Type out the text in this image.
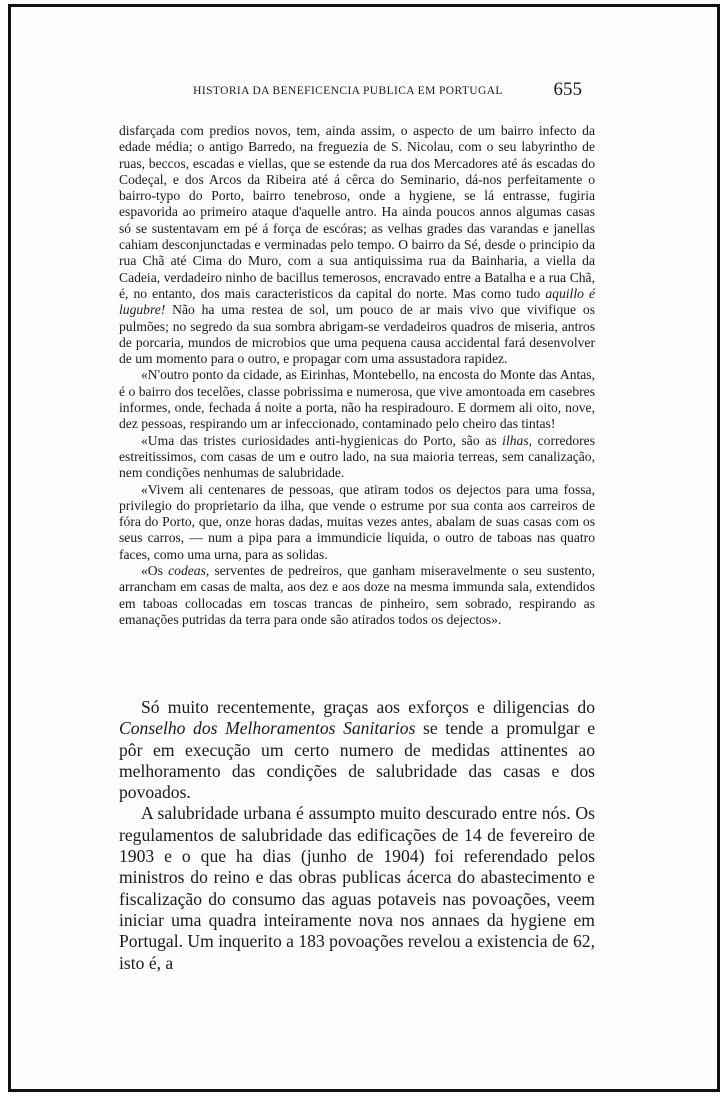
HISTORIA DA BENEFICENCIA PUBLICA EM PORTUGAL	655

disfarçada com predios novos, tem, ainda assim, o aspecto de um bairro infecto da edade média; o antigo Barredo, na freguezia de S. Nicolau, com o seu labyrintho de ruas, beccos, escadas e viellas, que se estende da rua dos Mercadores até ás escadas do Codeçal, e dos Arcos da Ribeira até á cêrca do Seminario, dá-nos perfeitamente o bairro-typo do Porto, bairro tenebroso, onde a hygiene, se lá entrasse, fugiria espavorida ao primeiro ataque d'aquelle antro. Ha ainda poucos annos algumas casas só se sustentavam em pé á força de escóras; as velhas grades das varandas e janellas cahiam desconjunctadas e verminadas pelo tempo. O bairro da Sé, desde o principio da rua Chã até Cima do Muro, com a sua antiquissima rua da Bainharia, a viella da Cadeia, verdadeiro ninho de bacillus temerosos, encravado entre a Batalha e a rua Chã, é, no entanto, dos mais caracteristicos da capital do norte. Mas como tudo aquillo é lugubre! Não ha uma restea de sol, um pouco de ar mais vivo que vivifique os pulmões; no segredo da sua sombra abrigam-se verdadeiros quadros de miseria, antros de porcaria, mundos de microbios que uma pequena causa accidental fará desenvolver de um momento para o outro, e propagar com uma assustadora rapidez.

«N'outro ponto da cidade, as Eirinhas, Montebello, na encosta do Monte das Antas, é o bairro dos tecelões, classe pobrissima e numerosa, que vive amontoada em casebres informes, onde, fechada á noite a porta, não ha respiradouro. E dormem ali oito, nove, dez pessoas, respirando um ar infeccionado, contaminado pelo cheiro das tintas!

«Uma das tristes curiosidades anti-hygienicas do Porto, são as ilhas, corredores estreitissimos, com casas de um e outro lado, na sua maioria terreas, sem canalização, nem condições nenhumas de salubridade.

«Vivem ali centenares de pessoas, que atiram todos os dejectos para uma fossa, privilegio do proprietario da ilha, que vende o estrume por sua conta aos carreiros de fóra do Porto, que, onze horas dadas, muitas vezes antes, abalam de suas casas com os seus carros, — num a pipa para a immundicie liquida, o outro de taboas nas quatro faces, como uma urna, para as solidas.

«Os codeas, serventes de pedreiros, que ganham miseravelmente o seu sustento, arrancham em casas de malta, aos dez e aos doze na mesma immunda sala, extendidos em taboas collocadas em toscas trancas de pinheiro, sem sobrado, respirando as emanações putridas da terra para onde são atirados todos os dejectos».

Só muito recentemente, graças aos exforços e diligencias do Conselho dos Melhoramentos Sanitarios se tende a promulgar e pôr em execução um certo numero de medidas attinentes ao melhoramento das condições de salubridade das casas e dos povoados.

A salubridade urbana é assumpto muito descurado entre nós. Os regulamentos de salubridade das edificações de 14 de fevereiro de 1903 e o que ha dias (junho de 1904) foi referendado pelos ministros do reino e das obras publicas ácerca do abastecimento e fiscalização do consumo das aguas potaveis nas povoações, veem iniciar uma quadra inteiramente nova nos annaes da hygiene em Portugal. Um inquerito a 183 povoações revelou a existencia de 62, isto é, a
